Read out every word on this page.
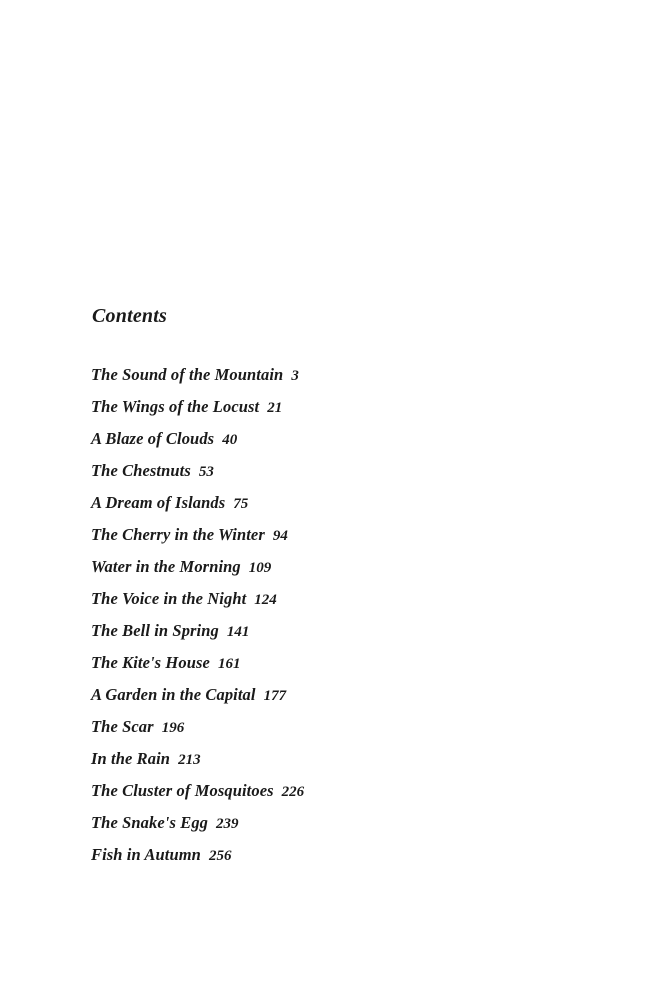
Contents
The Sound of the Mountain 3
The Wings of the Locust 21
A Blaze of Clouds 40
The Chestnuts 53
A Dream of Islands 75
The Cherry in the Winter 94
Water in the Morning 109
The Voice in the Night 124
The Bell in Spring 141
The Kite's House 161
A Garden in the Capital 177
The Scar 196
In the Rain 213
The Cluster of Mosquitoes 226
The Snake's Egg 239
Fish in Autumn 256
